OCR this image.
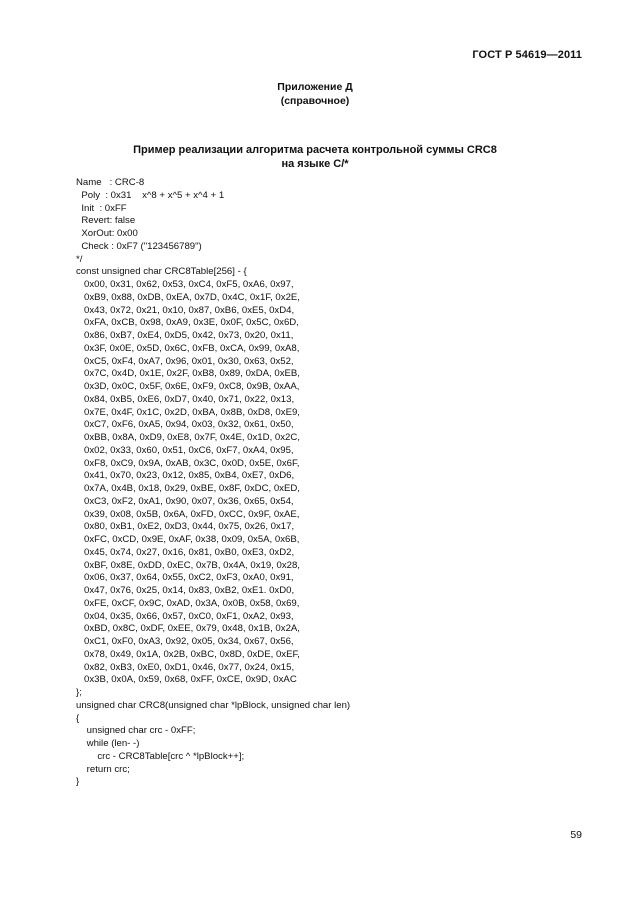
ГОСТ Р 54619—2011
Приложение Д
(справочное)
Пример реализации алгоритма расчета контрольной суммы CRC8
на языке С/*
Name   : CRC-8
Poly  : 0x31    x^8 + x^5 + x^4 + 1
Init  : 0xFF
Revert: false
XorOut: 0x00
Check : 0xF7 ("123456789")
*/
const unsigned char CRC8Table[256] - {
0x00, 0x31, 0x62, 0x53, 0xC4, 0xF5, 0xA6, 0x97,
0xB9, 0x88, 0xDB, 0xEA, 0x7D, 0x4C, 0x1F, 0x2E,
0x43, 0x72, 0x21, 0x10, 0x87, 0xB6, 0xE5, 0xD4,
0xFA, 0xCB, 0x98, 0xA9, 0x3E, 0x0F, 0x5C, 0x6D,
0x86, 0xB7, 0xE4, 0xD5, 0x42, 0x73, 0x20, 0x11,
0x3F, 0x0E, 0x5D, 0x6C, 0xFB, 0xCA, 0x99, 0xA8,
0xC5, 0xF4, 0xA7, 0x96, 0x01, 0x30, 0x63, 0x52,
0x7C, 0x4D, 0x1E, 0x2F, 0xB8, 0x89, 0xDA, 0xEB,
0x3D, 0x0C, 0x5F, 0x6E, 0xF9, 0xC8, 0x9B, 0xAA,
0x84, 0xB5, 0xE6, 0xD7, 0x40, 0x71, 0x22, 0x13,
0x7E, 0x4F, 0x1C, 0x2D, 0xBA, 0x8B, 0xD8, 0xE9,
0xC7, 0xF6, 0xA5, 0x94, 0x03, 0x32, 0x61, 0x50,
0xBB, 0x8A, 0xD9, 0xE8, 0x7F, 0x4E, 0x1D, 0x2C,
0x02, 0x33, 0x60, 0x51, 0xC6, 0xF7, 0xA4, 0x95,
0xF8, 0xC9, 0x9A, 0xAB, 0x3C, 0x0D, 0x5E, 0x6F,
0x41, 0x70, 0x23, 0x12, 0x85, 0xB4, 0xE7, 0xD6,
0x7A, 0x4B, 0x18, 0x29, 0xBE, 0x8F, 0xDC, 0xED,
0xC3, 0xF2, 0xA1, 0x90, 0x07, 0x36, 0x65, 0x54,
0x39, 0x08, 0x5B, 0x6A, 0xFD, 0xCC, 0x9F, 0xAE,
0x80, 0xB1, 0xE2, 0xD3, 0x44, 0x75, 0x26, 0x17,
0xFC, 0xCD, 0x9E, 0xAF, 0x38, 0x09, 0x5A, 0x6B,
0x45, 0x74, 0x27, 0x16, 0x81, 0xB0, 0xE3, 0xD2,
0xBF, 0x8E, 0xDD, 0xEC, 0x7B, 0x4A, 0x19, 0x28,
0x06, 0x37, 0x64, 0x55, 0xC2, 0xF3, 0xA0, 0x91,
0x47, 0x76, 0x25, 0x14, 0x83, 0xB2, 0xE1. 0xD0,
0xFE, 0xCF, 0x9C, 0xAD, 0x3A, 0x0B, 0x58, 0x69,
0x04, 0x35, 0x66, 0x57, 0xC0, 0xF1, 0xA2, 0x93,
0xBD, 0x8C, 0xDF, 0xEE, 0x79, 0x48, 0x1B, 0x2A,
0xC1, 0xF0, 0xA3, 0x92, 0x05, 0x34, 0x67, 0x56,
0x78, 0x49, 0x1A, 0x2B, 0xBC, 0x8D, 0xDE, 0xEF,
0x82, 0xB3, 0xE0, 0xD1, 0x46, 0x77, 0x24, 0x15,
0x3B, 0x0A, 0x59, 0x68, 0xFF, 0xCE, 0x9D, 0xAC
};
unsigned char CRC8(unsigned char *lpBlock, unsigned char len)
{
unsigned char crc - 0xFF;
while (len- -)
crc - CRC8Table[crc ^ *lpBlock++];
return crc;
}
59
